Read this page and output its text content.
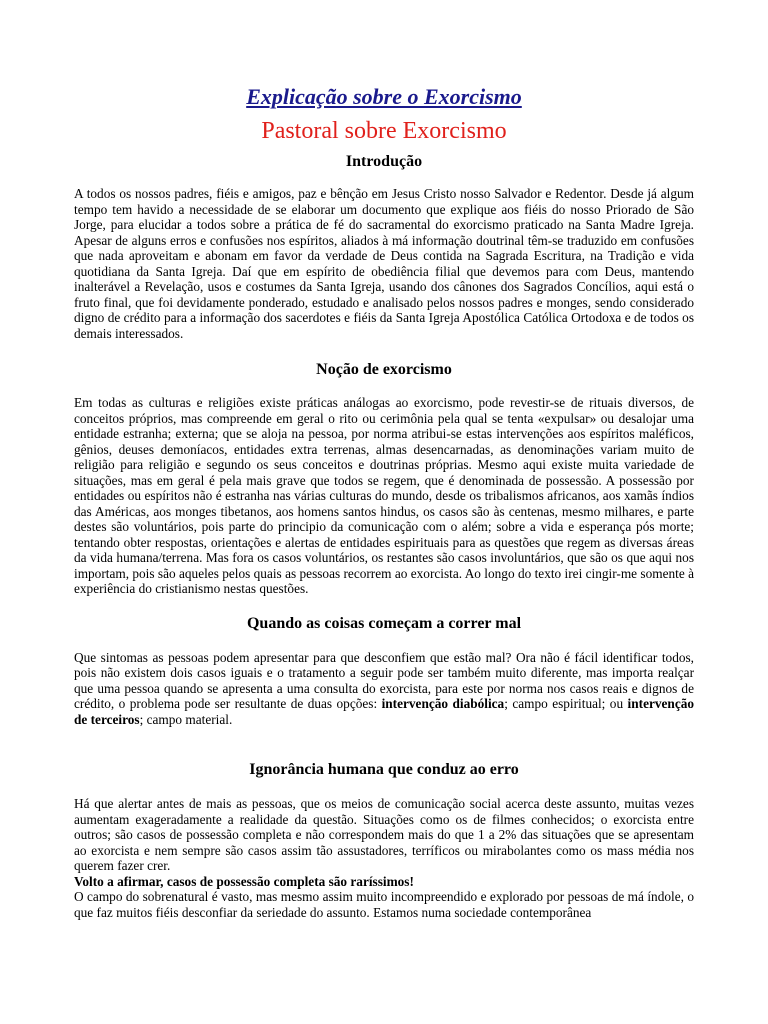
Explicação sobre o Exorcismo
Pastoral sobre Exorcismo
Introdução

A todos os nossos padres, fiéis e amigos, paz e bênção em Jesus Cristo nosso Salvador e Redentor. Desde já algum tempo tem havido a necessidade de se elaborar um documento que explique aos fiéis do nosso Priorado de São Jorge, para elucidar a todos sobre a prática de fé do sacramental do exorcismo praticado na Santa Madre Igreja. Apesar de alguns erros e confusões nos espíritos, aliados à má informação doutrinal têm-se traduzido em confusões que nada aproveitam e abonam em favor da verdade de Deus contida na Sagrada Escritura, na Tradição e vida quotidiana da Santa Igreja. Daí que em espírito de obediência filial que devemos para com Deus, mantendo inalterável a Revelação, usos e costumes da Santa Igreja, usando dos cânones dos Sagrados Concílios, aqui está o fruto final, que foi devidamente ponderado, estudado e analisado pelos nossos padres e monges, sendo considerado digno de crédito para a informação dos sacerdotes e fiéis da Santa Igreja Apostólica Católica Ortodoxa e de todos os demais interessados.

Noção de exorcismo

Em todas as culturas e religiões existe práticas análogas ao exorcismo, pode revestir-se de rituais diversos, de conceitos próprios, mas compreende em geral o rito ou cerimônia pela qual se tenta «expulsar» ou desalojar uma entidade estranha; externa; que se aloja na pessoa, por norma atribui-se estas intervenções aos espíritos maléficos, gênios, deuses demoníacos, entidades extra terrenas, almas desencarnadas, as denominações variam muito de religião para religião e segundo os seus conceitos e doutrinas próprias. Mesmo aqui existe muita variedade de situações, mas em geral é pela mais grave que todos se regem, que é denominada de possessão. A possessão por entidades ou espíritos não é estranha nas várias culturas do mundo, desde os tribalismos africanos, aos xamãs índios das Américas, aos monges tibetanos, aos homens santos hindus, os casos são às centenas, mesmo milhares, e parte destes são voluntários, pois parte do principio da comunicação com o além; sobre a vida e esperança pós morte; tentando obter respostas, orientações e alertas de entidades espirituais para as questões que regem as diversas áreas da vida humana/terrena. Mas fora os casos voluntários, os restantes são casos involuntários, que são os que aqui nos importam, pois são aqueles pelos quais as pessoas recorrem ao exorcista. Ao longo do texto irei cingir-me somente à experiência do cristianismo nestas questões.

Quando as coisas começam a correr mal

Que sintomas as pessoas podem apresentar para que desconfiem que estão mal? Ora não é fácil identificar todos, pois não existem dois casos iguais e o tratamento a seguir pode ser também muito diferente, mas importa realçar que uma pessoa quando se apresenta a uma consulta do exorcista, para este por norma nos casos reais e dignos de crédito, o problema pode ser resultante de duas opções: intervenção diabólica; campo espiritual; ou intervenção de terceiros; campo material.

Ignorância humana que conduz ao erro

Há que alertar antes de mais as pessoas, que os meios de comunicação social acerca deste assunto, muitas vezes aumentam exageradamente a realidade da questão. Situações como os de filmes conhecidos; o exorcista entre outros; são casos de possessão completa e não correspondem mais do que 1 a 2% das situações que se apresentam ao exorcista e nem sempre são casos assim tão assustadores, terríficos ou mirabolantes como os mass média nos querem fazer crer.

Volto a afirmar, casos de possessão completa são raríssimos!

O campo do sobrenatural é vasto, mas mesmo assim muito incompreendido e explorado por pessoas de má índole, o que faz muitos fiéis desconfiar da seriedade do assunto. Estamos numa sociedade contemporânea
